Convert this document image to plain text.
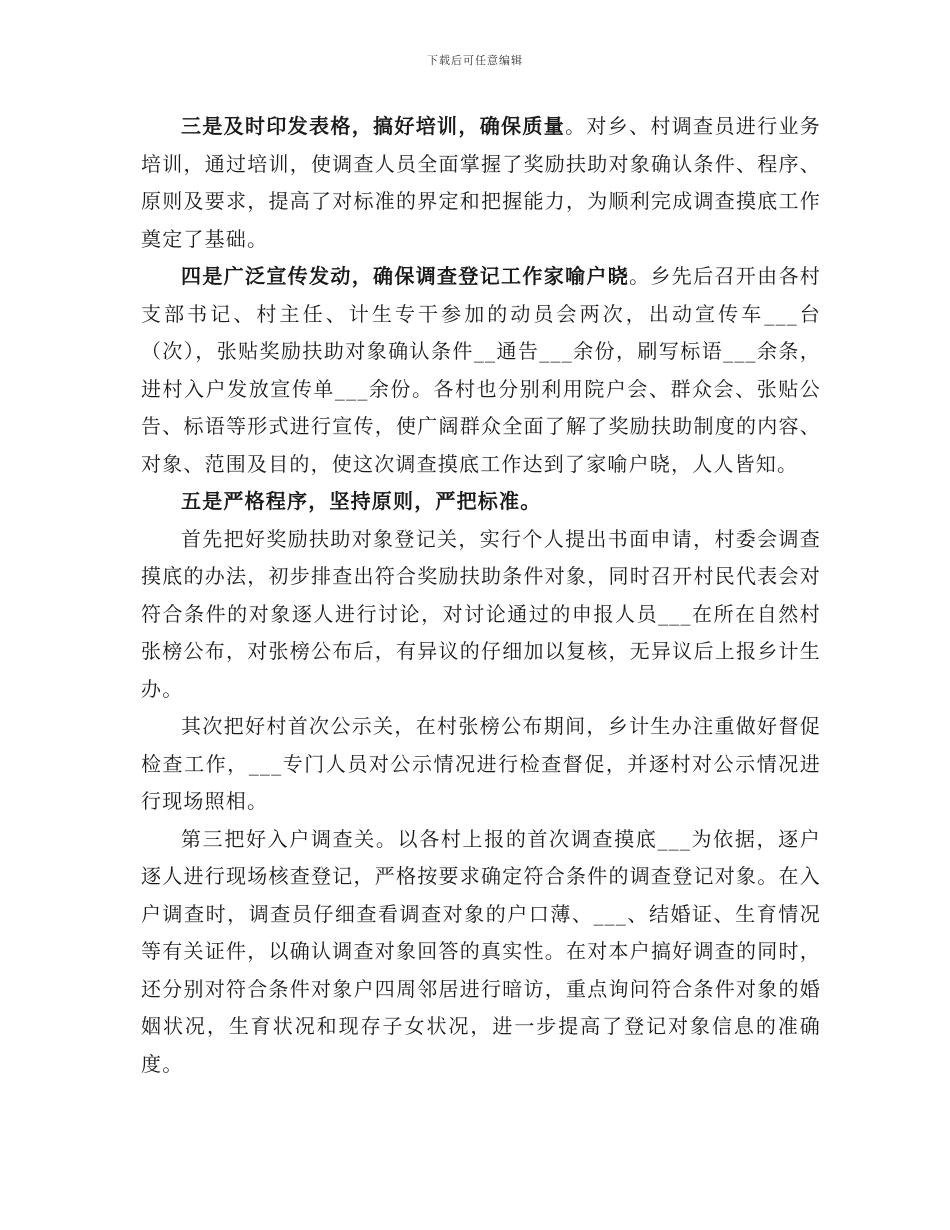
下载后可任意编辑

三是及时印发表格，搞好培训，确保质量。对乡、村调查员进行业务培训，通过培训，使调查人员全面掌握了奖励扶助对象确认条件、程序、原则及要求，提高了对标准的界定和把握能力，为顺利完成调查摸底工作奠定了基础。

四是广泛宣传发动，确保调查登记工作家喻户晓。乡先后召开由各村支部书记、村主任、计生专干参加的动员会两次，出动宣传车___台（次），张贴奖励扶助对象确认条件__通告___余份，刷写标语___余条，进村入户发放宣传单___余份。各村也分别利用院户会、群众会、张贴公告、标语等形式进行宣传，使广阔群众全面了解了奖励扶助制度的内容、对象、范围及目的，使这次调查摸底工作达到了家喻户晓，人人皆知。

五是严格程序，坚持原则，严把标准。

首先把好奖励扶助对象登记关，实行个人提出书面申请，村委会调查摸底的办法，初步排查出符合奖励扶助条件对象，同时召开村民代表会对符合条件的对象逐人进行讨论，对讨论通过的申报人员___在所在自然村张榜公布，对张榜公布后，有异议的仔细加以复核，无异议后上报乡计生办。

其次把好村首次公示关，在村张榜公布期间，乡计生办注重做好督促检查工作，___专门人员对公示情况进行检查督促，并逐村对公示情况进行现场照相。

第三把好入户调查关。以各村上报的首次调查摸底___为依据，逐户逐人进行现场核查登记，严格按要求确定符合条件的调查登记对象。在入户调查时，调查员仔细查看调查对象的户口薄、___、结婚证、生育情况等有关证件，以确认调查对象回答的真实性。在对本户搞好调查的同时，还分别对符合条件对象户四周邻居进行暗访，重点询问符合条件对象的婚姻状况，生育状况和现存子女状况，进一步提高了登记对象信息的准确度。
